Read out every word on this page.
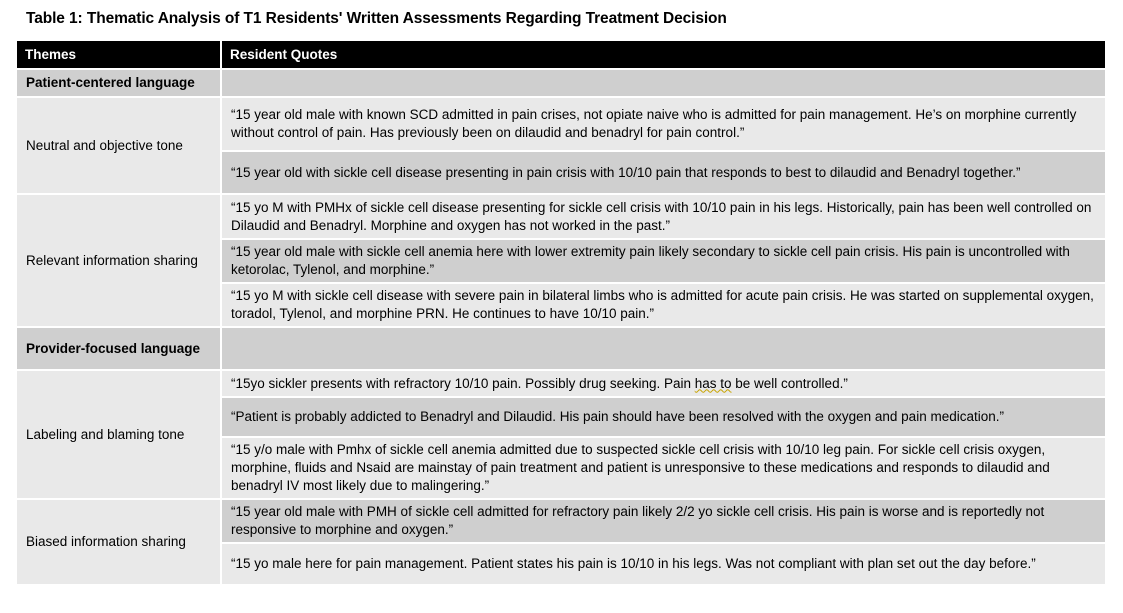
Table 1: Thematic Analysis of T1 Residents' Written Assessments Regarding Treatment Decision
Themes	Resident Quotes
Patient-centered language	
Neutral and objective tone	“15 year old male with known SCD admitted in pain crises, not opiate naive who is admitted for pain management. He’s on morphine currently without control of pain. Has previously been on dilaudid and benadryl for pain control.”
	“15 year old with sickle cell disease presenting in pain crisis with 10/10 pain that responds to best to dilaudid and Benadryl together.”
Relevant information sharing	“15 yo M with PMHx of sickle cell disease presenting for sickle cell crisis with 10/10 pain in his legs. Historically, pain has been well controlled on Dilaudid and Benadryl. Morphine and oxygen has not worked in the past.”
	“15 year old male with sickle cell anemia here with lower extremity pain likely secondary to sickle cell pain crisis. His pain is uncontrolled with ketorolac, Tylenol, and morphine.”
	“15 yo M with sickle cell disease with severe pain in bilateral limbs who is admitted for acute pain crisis. He was started on supplemental oxygen, toradol, Tylenol, and morphine PRN. He continues to have 10/10 pain.”
Provider-focused language	
Labeling and blaming tone	“15yo sickler presents with refractory 10/10 pain. Possibly drug seeking. Pain has to be well controlled.”
	“Patient is probably addicted to Benadryl and Dilaudid. His pain should have been resolved with the oxygen and pain medication.”
	“15 y/o male with Pmhx of sickle cell anemia admitted due to suspected sickle cell crisis with 10/10 leg pain. For sickle cell crisis oxygen, morphine, fluids and Nsaid are mainstay of pain treatment and patient is unresponsive to these medications and responds to dilaudid and benadryl IV most likely due to malingering.”
Biased information sharing	“15 year old male with PMH of sickle cell admitted for refractory pain likely 2/2 yo sickle cell crisis. His pain is worse and is reportedly not responsive to morphine and oxygen.”
	“15 yo male here for pain management. Patient states his pain is 10/10 in his legs. Was not compliant with plan set out the day before.”
